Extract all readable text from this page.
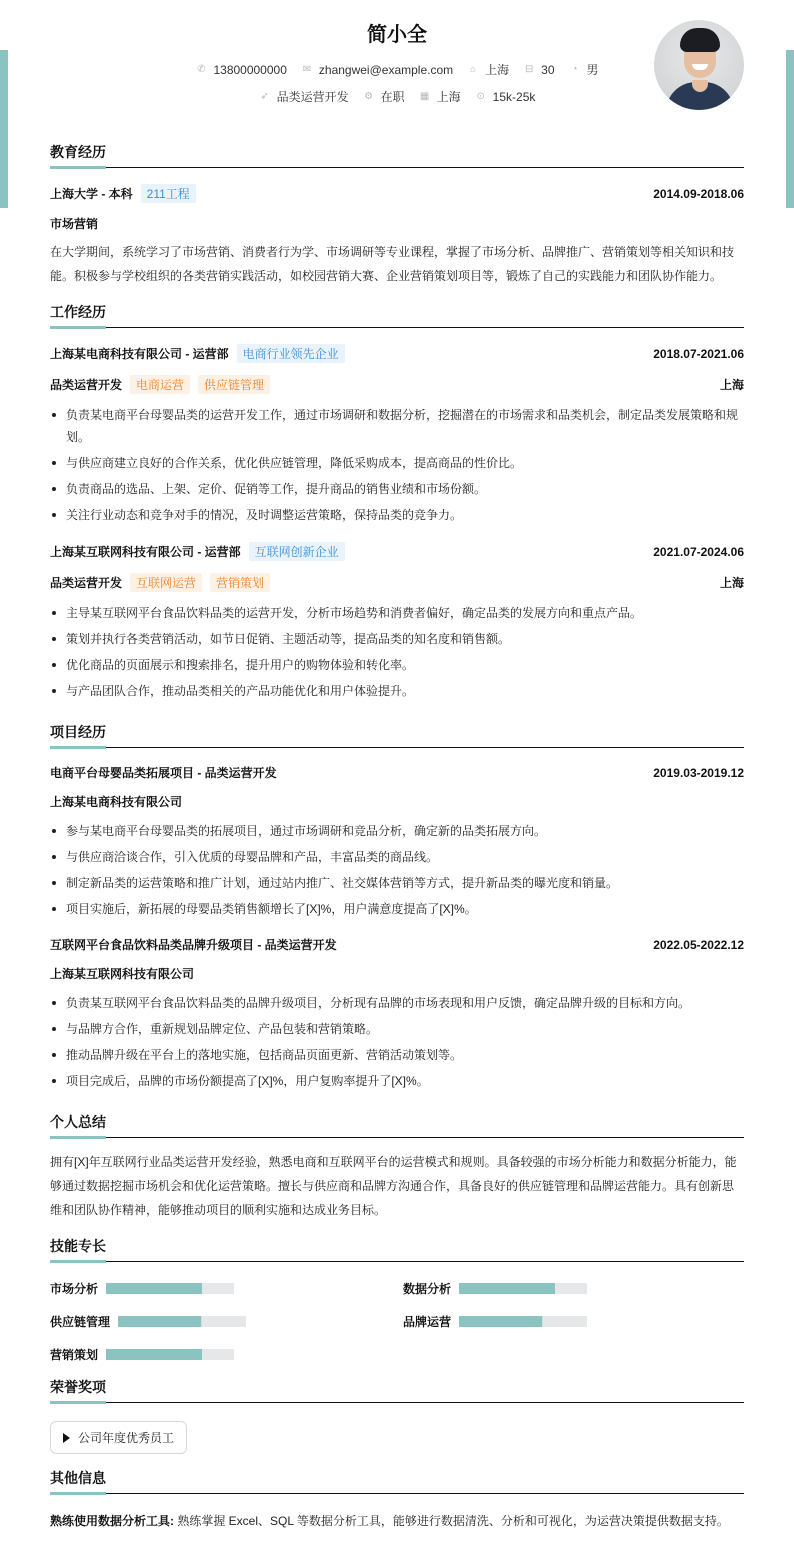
简小全
✆ 13800000000 ✉ zhangwei@example.com ⌂ 上海 ⊟ 30 ◔ 男
➶ 品类运营开发 ⚙ 在职 ▦ 上海 ⊙ 15k-25k
教育经历
上海大学 - 本科	211工程	2014.09-2018.06
市场营销
在大学期间，系统学习了市场营销、消费者行为学、市场调研等专业课程，掌握了市场分析、品牌推广、营销策划等相关知识和技能。积极参与学校组织的各类营销实践活动，如校园营销大赛、企业营销策划项目等，锻炼了自己的实践能力和团队协作能力。
工作经历
上海某电商科技有限公司 - 运营部	电商行业领先企业	2018.07-2021.06
品类运营开发	电商运营	供应链管理	上海
负责某电商平台母婴品类的运营开发工作，通过市场调研和数据分析，挖掘潜在的市场需求和品类机会，制定品类发展策略和规划。
与供应商建立良好的合作关系，优化供应链管理，降低采购成本，提高商品的性价比。
负责商品的选品、上架、定价、促销等工作，提升商品的销售业绩和市场份额。
关注行业动态和竞争对手的情况，及时调整运营策略，保持品类的竞争力。
上海某互联网科技有限公司 - 运营部	互联网创新企业	2021.07-2024.06
品类运营开发	互联网运营	营销策划	上海
主导某互联网平台食品饮料品类的运营开发，分析市场趋势和消费者偏好，确定品类的发展方向和重点产品。
策划并执行各类营销活动，如节日促销、主题活动等，提高品类的知名度和销售额。
优化商品的页面展示和搜索排名，提升用户的购物体验和转化率。
与产品团队合作，推动品类相关的产品功能优化和用户体验提升。
项目经历
电商平台母婴品类拓展项目 - 品类运营开发	2019.03-2019.12
上海某电商科技有限公司
参与某电商平台母婴品类的拓展项目，通过市场调研和竞品分析，确定新的品类拓展方向。
与供应商洽谈合作，引入优质的母婴品牌和产品，丰富品类的商品线。
制定新品类的运营策略和推广计划，通过站内推广、社交媒体营销等方式，提升新品类的曝光度和销量。
项目实施后，新拓展的母婴品类销售额增长了[X]%，用户满意度提高了[X]%。
互联网平台食品饮料品类品牌升级项目 - 品类运营开发	2022.05-2022.12
上海某互联网科技有限公司
负责某互联网平台食品饮料品类的品牌升级项目，分析现有品牌的市场表现和用户反馈，确定品牌升级的目标和方向。
与品牌方合作，重新规划品牌定位、产品包装和营销策略。
推动品牌升级在平台上的落地实施，包括商品页面更新、营销活动策划等。
项目完成后，品牌的市场份额提高了[X]%，用户复购率提升了[X]%。
个人总结
拥有[X]年互联网行业品类运营开发经验，熟悉电商和互联网平台的运营模式和规则。具备较强的市场分析能力和数据分析能力，能够通过数据挖掘市场机会和优化运营策略。擅长与供应商和品牌方沟通合作，具备良好的供应链管理和品牌运营能力。具有创新思维和团队协作精神，能够推动项目的顺利实施和达成业务目标。
技能专长
市场分析	数据分析
供应链管理	品牌运营
营销策划
荣誉奖项
公司年度优秀员工
其他信息
熟练使用数据分析工具: 熟练掌握 Excel、SQL 等数据分析工具，能够进行数据清洗、分析和可视化，为运营决策提供数据支持。
